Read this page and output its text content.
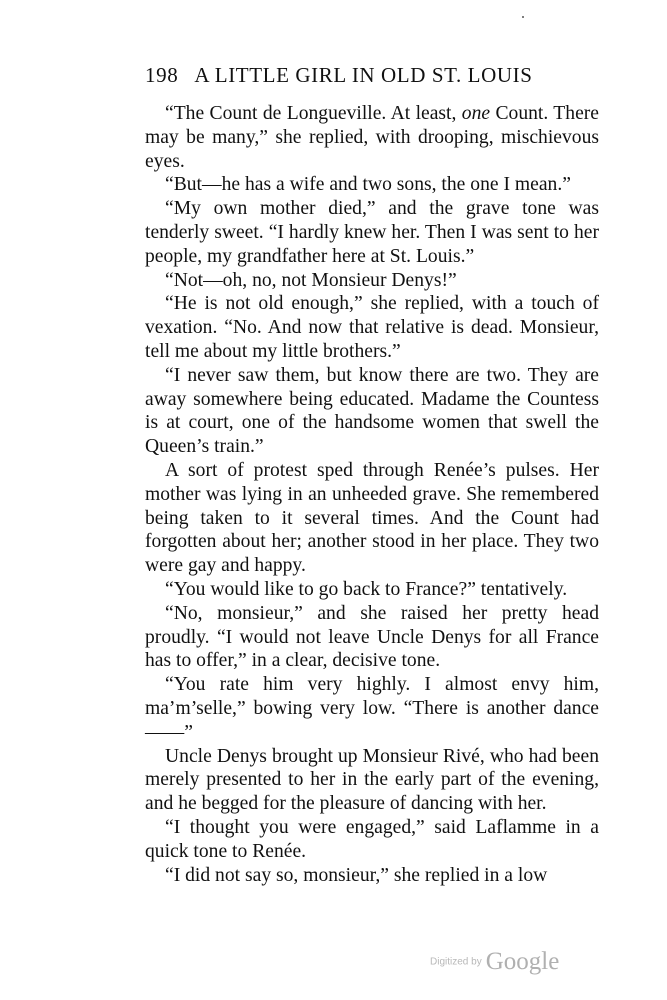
198 A LITTLE GIRL IN OLD ST. LOUIS

“The Count de Longueville. At least, one Count. There may be many,” she replied, with drooping, mischievous eyes.

“But—he has a wife and two sons, the one I mean.”

“My own mother died,” and the grave tone was tenderly sweet. “I hardly knew her. Then I was sent to her people, my grandfather here at St. Louis.”

“Not—oh, no, not Monsieur Denys!”

“He is not old enough,” she replied, with a touch of vexation. “No. And now that relative is dead. Monsieur, tell me about my little brothers.”

“I never saw them, but know there are two. They are away somewhere being educated. Madame the Countess is at court, one of the handsome women that swell the Queen’s train.”

A sort of protest sped through Renée’s pulses. Her mother was lying in an unheeded grave. She remembered being taken to it several times. And the Count had forgotten about her; another stood in her place. They two were gay and happy.

“You would like to go back to France?” tentatively.

“No, monsieur,” and she raised her pretty head proudly. “I would not leave Uncle Denys for all France has to offer,” in a clear, decisive tone.

“You rate him very highly. I almost envy him, ma’m’selle,” bowing very low. “There is another dance——”

Uncle Denys brought up Monsieur Rivé, who had been merely presented to her in the early part of the evening, and he begged for the pleasure of dancing with her.

“I thought you were engaged,” said Laflamme in a quick tone to Renée.

“I did not say so, monsieur,” she replied in a low

Digitized by Google
